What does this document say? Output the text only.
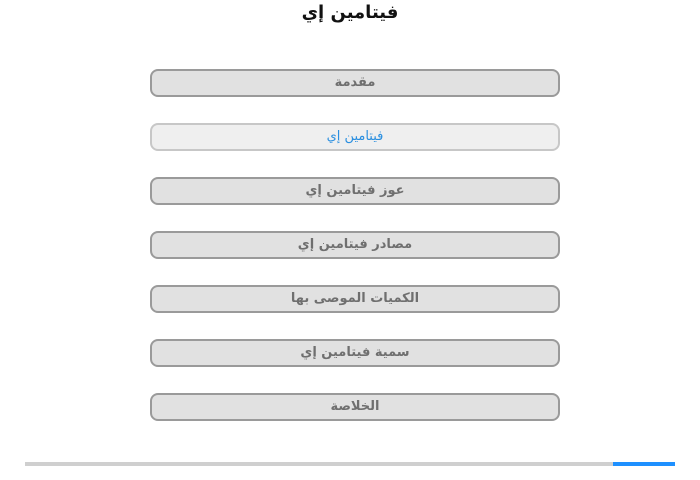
فيتامين إي
مقدمة
فيتامين إي
عوز فيتامين إي
مصادر فيتامين إي
الكميات الموصى بها
سمية فيتامين إي
الخلاصة
